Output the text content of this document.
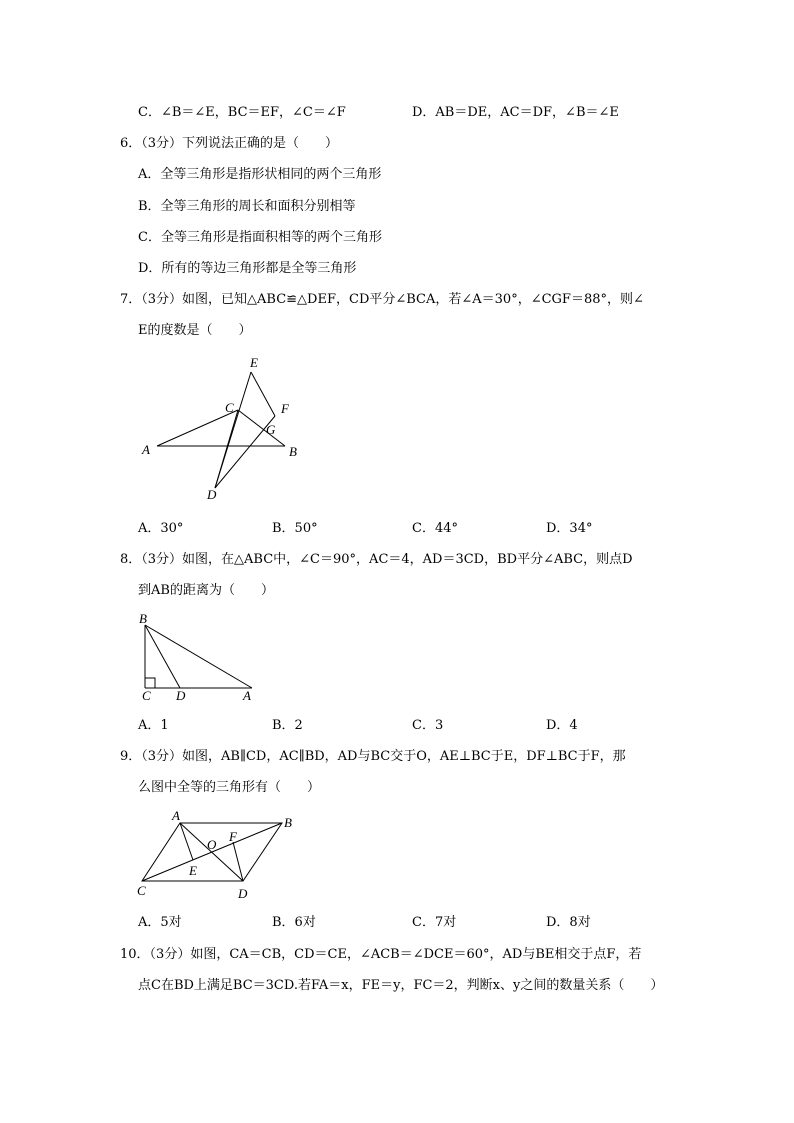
C．∠B＝∠E，BC＝EF，∠C＝∠F	D．AB＝DE，AC＝DF，∠B＝∠E
6．（3分）下列说法正确的是（　　）
A．全等三角形是指形状相同的两个三角形
B．全等三角形的周长和面积分别相等
C．全等三角形是指面积相等的两个三角形
D．所有的等边三角形都是全等三角形
7．（3分）如图，已知△ABC≌△DEF，CD平分∠BCA，若∠A＝30°，∠CGF＝88°，则∠
E的度数是（　　）
E
C	F
G
A	B
D
B
C D	A
A	B
O
F
E
C	D
A．30°	B．50°	C．44°	D．34°
8．（3分）如图，在△ABC中，∠C＝90°，AC＝4，AD＝3CD，BD平分∠ABC，则点D
到AB的距离为（　　）
A．1	B．2	C．3	D．4
9．（3分）如图，AB∥CD，AC∥BD，AD与BC交于O，AE⊥BC于E，DF⊥BC于F，那
么图中全等的三角形有（　　）
A．5对	B．6对	C．7对	D．8对
10．（3分）如图，CA＝CB，CD＝CE，∠ACB＝∠DCE＝60°，AD与BE相交于点F，若
点C在BD上满足BC＝3CD.若FA＝x，FE＝y，FC＝2，判断x、y之间的数量关系（　　）
